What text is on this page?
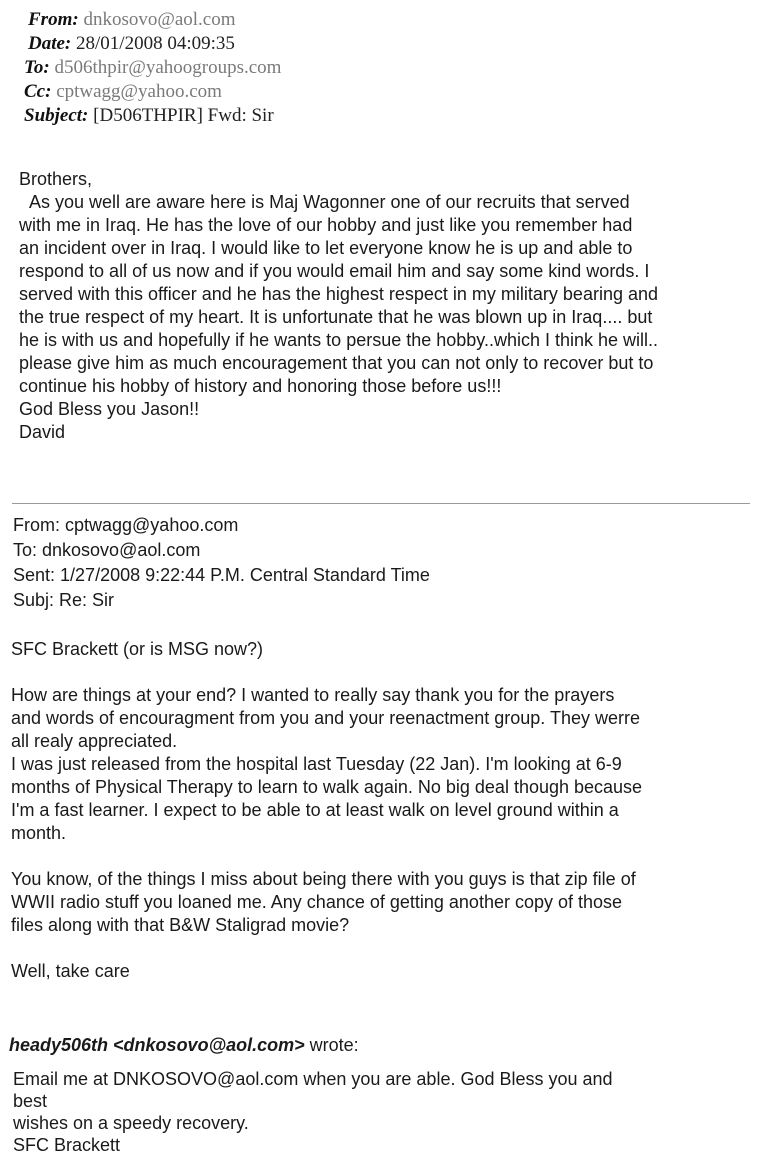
From: dnkosovo@aol.com
Date: 28/01/2008 04:09:35
To: d506thpir@yahoogroups.com
Cc: cptwagg@yahoo.com
Subject: [D506THPIR] Fwd: Sir

Brothers,

As you well are aware here is Maj Wagonner one of our recruits that served

with me in Iraq. He has the love of our hobby and just like you remember had

an incident over in Iraq. I would like to let everyone know he is up and able to

respond to all of us now and if you would email him and say some kind words. I

served with this officer and he has the highest respect in my military bearing and

the true respect of my heart. It is unfortunate that he was blown up in Iraq.... but

he is with us and hopefully if he wants to persue the hobby..which I think he will..

please give him as much encouragement that you can not only to recover but to

continue his hobby of history and honoring those before us!!!

God Bless you Jason!!

David

From: cptwagg@yahoo.com
To: dnkosovo@aol.com
Sent: 1/27/2008 9:22:44 P.M. Central Standard Time
Subj: Re: Sir

SFC Brackett (or is MSG now?)

How are things at your end? I wanted to really say thank you for the prayers

and words of encouragment from you and your reenactment group. They werre

all realy appreciated.

I was just released from the hospital last Tuesday (22 Jan). I'm looking at 6-9

months of Physical Therapy to learn to walk again. No big deal though because

I'm a fast learner. I expect to be able to at least walk on level ground within a

month.

You know, of the things I miss about being there with you guys is that zip file of

WWII radio stuff you loaned me. Any chance of getting another copy of those

files along with that B&W Staligrad movie?

Well, take care

heady506th <dnkosovo@aol.com> wrote:

Email me at DNKOSOVO@aol.com when you are able. God Bless you and

best

wishes on a speedy recovery.

SFC Brackett
